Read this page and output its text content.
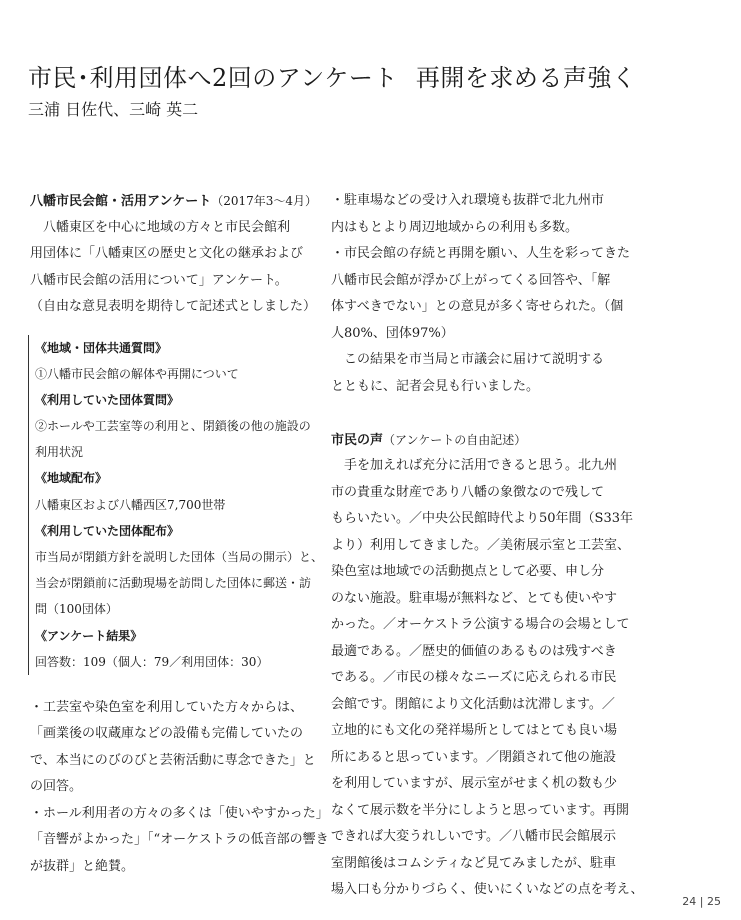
市民･利用団体へ2回のアンケート 再開を求める声強く
三浦 日佐代、三崎 英二
八幡市民会館・活用アンケート（2017年3〜4月）
　八幡東区を中心に地域の方々と市民会館利
用団体に「八幡東区の歴史と文化の継承および
八幡市民会館の活用について」アンケート。
（自由な意見表明を期待して記述式としました）
《地域・団体共通質問》
①八幡市民会館の解体や再開について
《利用していた団体質問》
②ホールや工芸室等の利用と、閉鎖後の他の施設の
利用状況
《地域配布》
八幡東区および八幡西区7,700世帯
《利用していた団体配布》
市当局が閉鎖方針を説明した団体（当局の開示）と、
当会が閉鎖前に活動現場を訪問した団体に郵送・訪
問（100団体）
《アンケート結果》
回答数：109（個人：79／利用団体：30）
・工芸室や染色室を利用していた方々からは、
「画業後の収蔵庫などの設備も完備していたの
で、本当にのびのびと芸術活動に専念できた」と
の回答。
・ホール利用者の方々の多くは「使いやすかった」
「音響がよかった」「“オーケストラの低音部の響き
が抜群」と絶賛。
・駐車場などの受け入れ環境も抜群で北九州市
内はもとより周辺地域からの利用も多数。
・市民会館の存続と再開を願い、人生を彩ってきた
八幡市民会館が浮かび上がってくる回答や、「解
体すべきでない」との意見が多く寄せられた。（個
人80%、団体97%）
　この結果を市当局と市議会に届けて説明する
とともに、記者会見も行いました。
市民の声（アンケートの自由記述）
　手を加えれば充分に活用できると思う。北九州
市の貴重な財産であり八幡の象徴なので残して
もらいたい。／中央公民館時代より50年間（S33年
より）利用してきました。／美術展示室と工芸室、
染色室は地域での活動拠点として必要、申し分
のない施設。駐車場が無料など、とても使いやす
かった。／オーケストラ公演する場合の会場として
最適である。／歴史的価値のあるものは残すべき
である。／市民の様々なニーズに応えられる市民
会館です。閉館により文化活動は沈滞します。／
立地的にも文化の発祥場所としてはとても良い場
所にあると思っています。／閉鎖されて他の施設
を利用していますが、展示室がせまく机の数も少
なくて展示数を半分にしようと思っています。再開
できれば大変うれしいです。／八幡市民会館展示
室閉館後はコムシティなど見てみましたが、駐車
場入口も分かりづらく、使いにくいなどの点を考え、
24 | 25
